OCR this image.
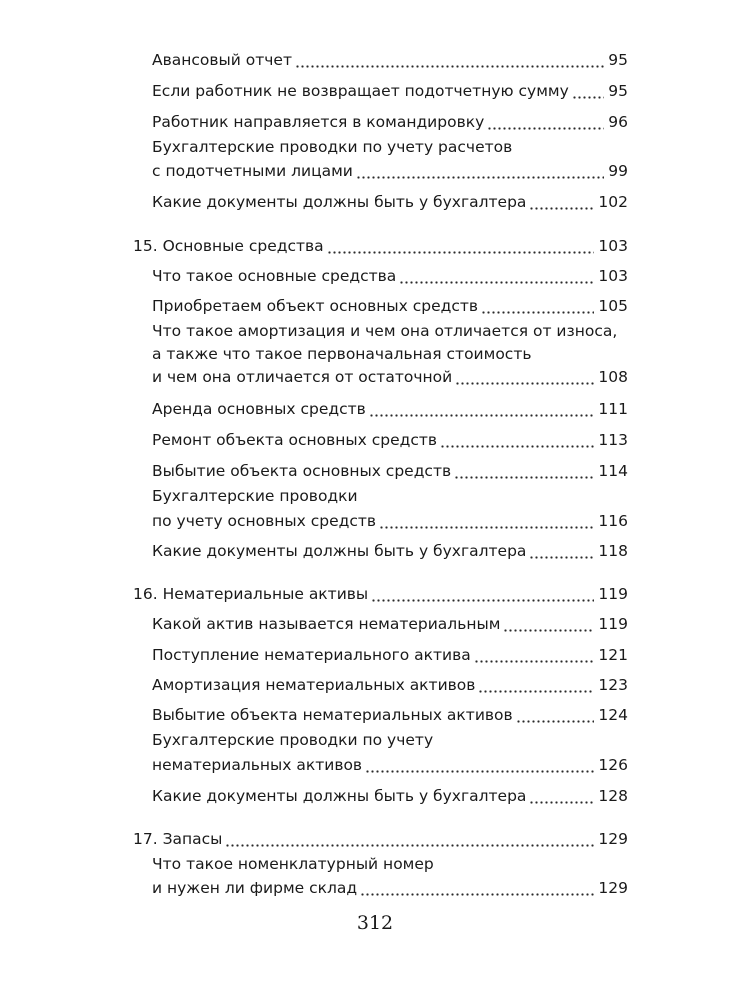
Авансовый отчет	95
Если работник не возвращает подотчетную сумму	95
Работник направляется в командировку	96
Бухгалтерские проводки по учету расчетов
с подотчетными лицами	99
Какие документы должны быть у бухгалтера	102
15. Основные средства	103
Что такое основные средства	103
Приобретаем объект основных средств	105
Что такое амортизация и чем она отличается от износа,
а также что такое первоначальная стоимость
и чем она отличается от остаточной	108
Аренда основных средств	111
Ремонт объекта основных средств	113
Выбытие объекта основных средств	114
Бухгалтерские проводки
по учету основных средств	116
Какие документы должны быть у бухгалтера	118
16. Нематериальные активы	119
Какой актив называется нематериальным	119
Поступление нематериального актива	121
Амортизация нематериальных активов	123
Выбытие объекта нематериальных активов	124
Бухгалтерские проводки по учету
нематериальных активов	126
Какие документы должны быть у бухгалтера	128
17. Запасы	129
Что такое номенклатурный номер
и нужен ли фирме склад	129
312
